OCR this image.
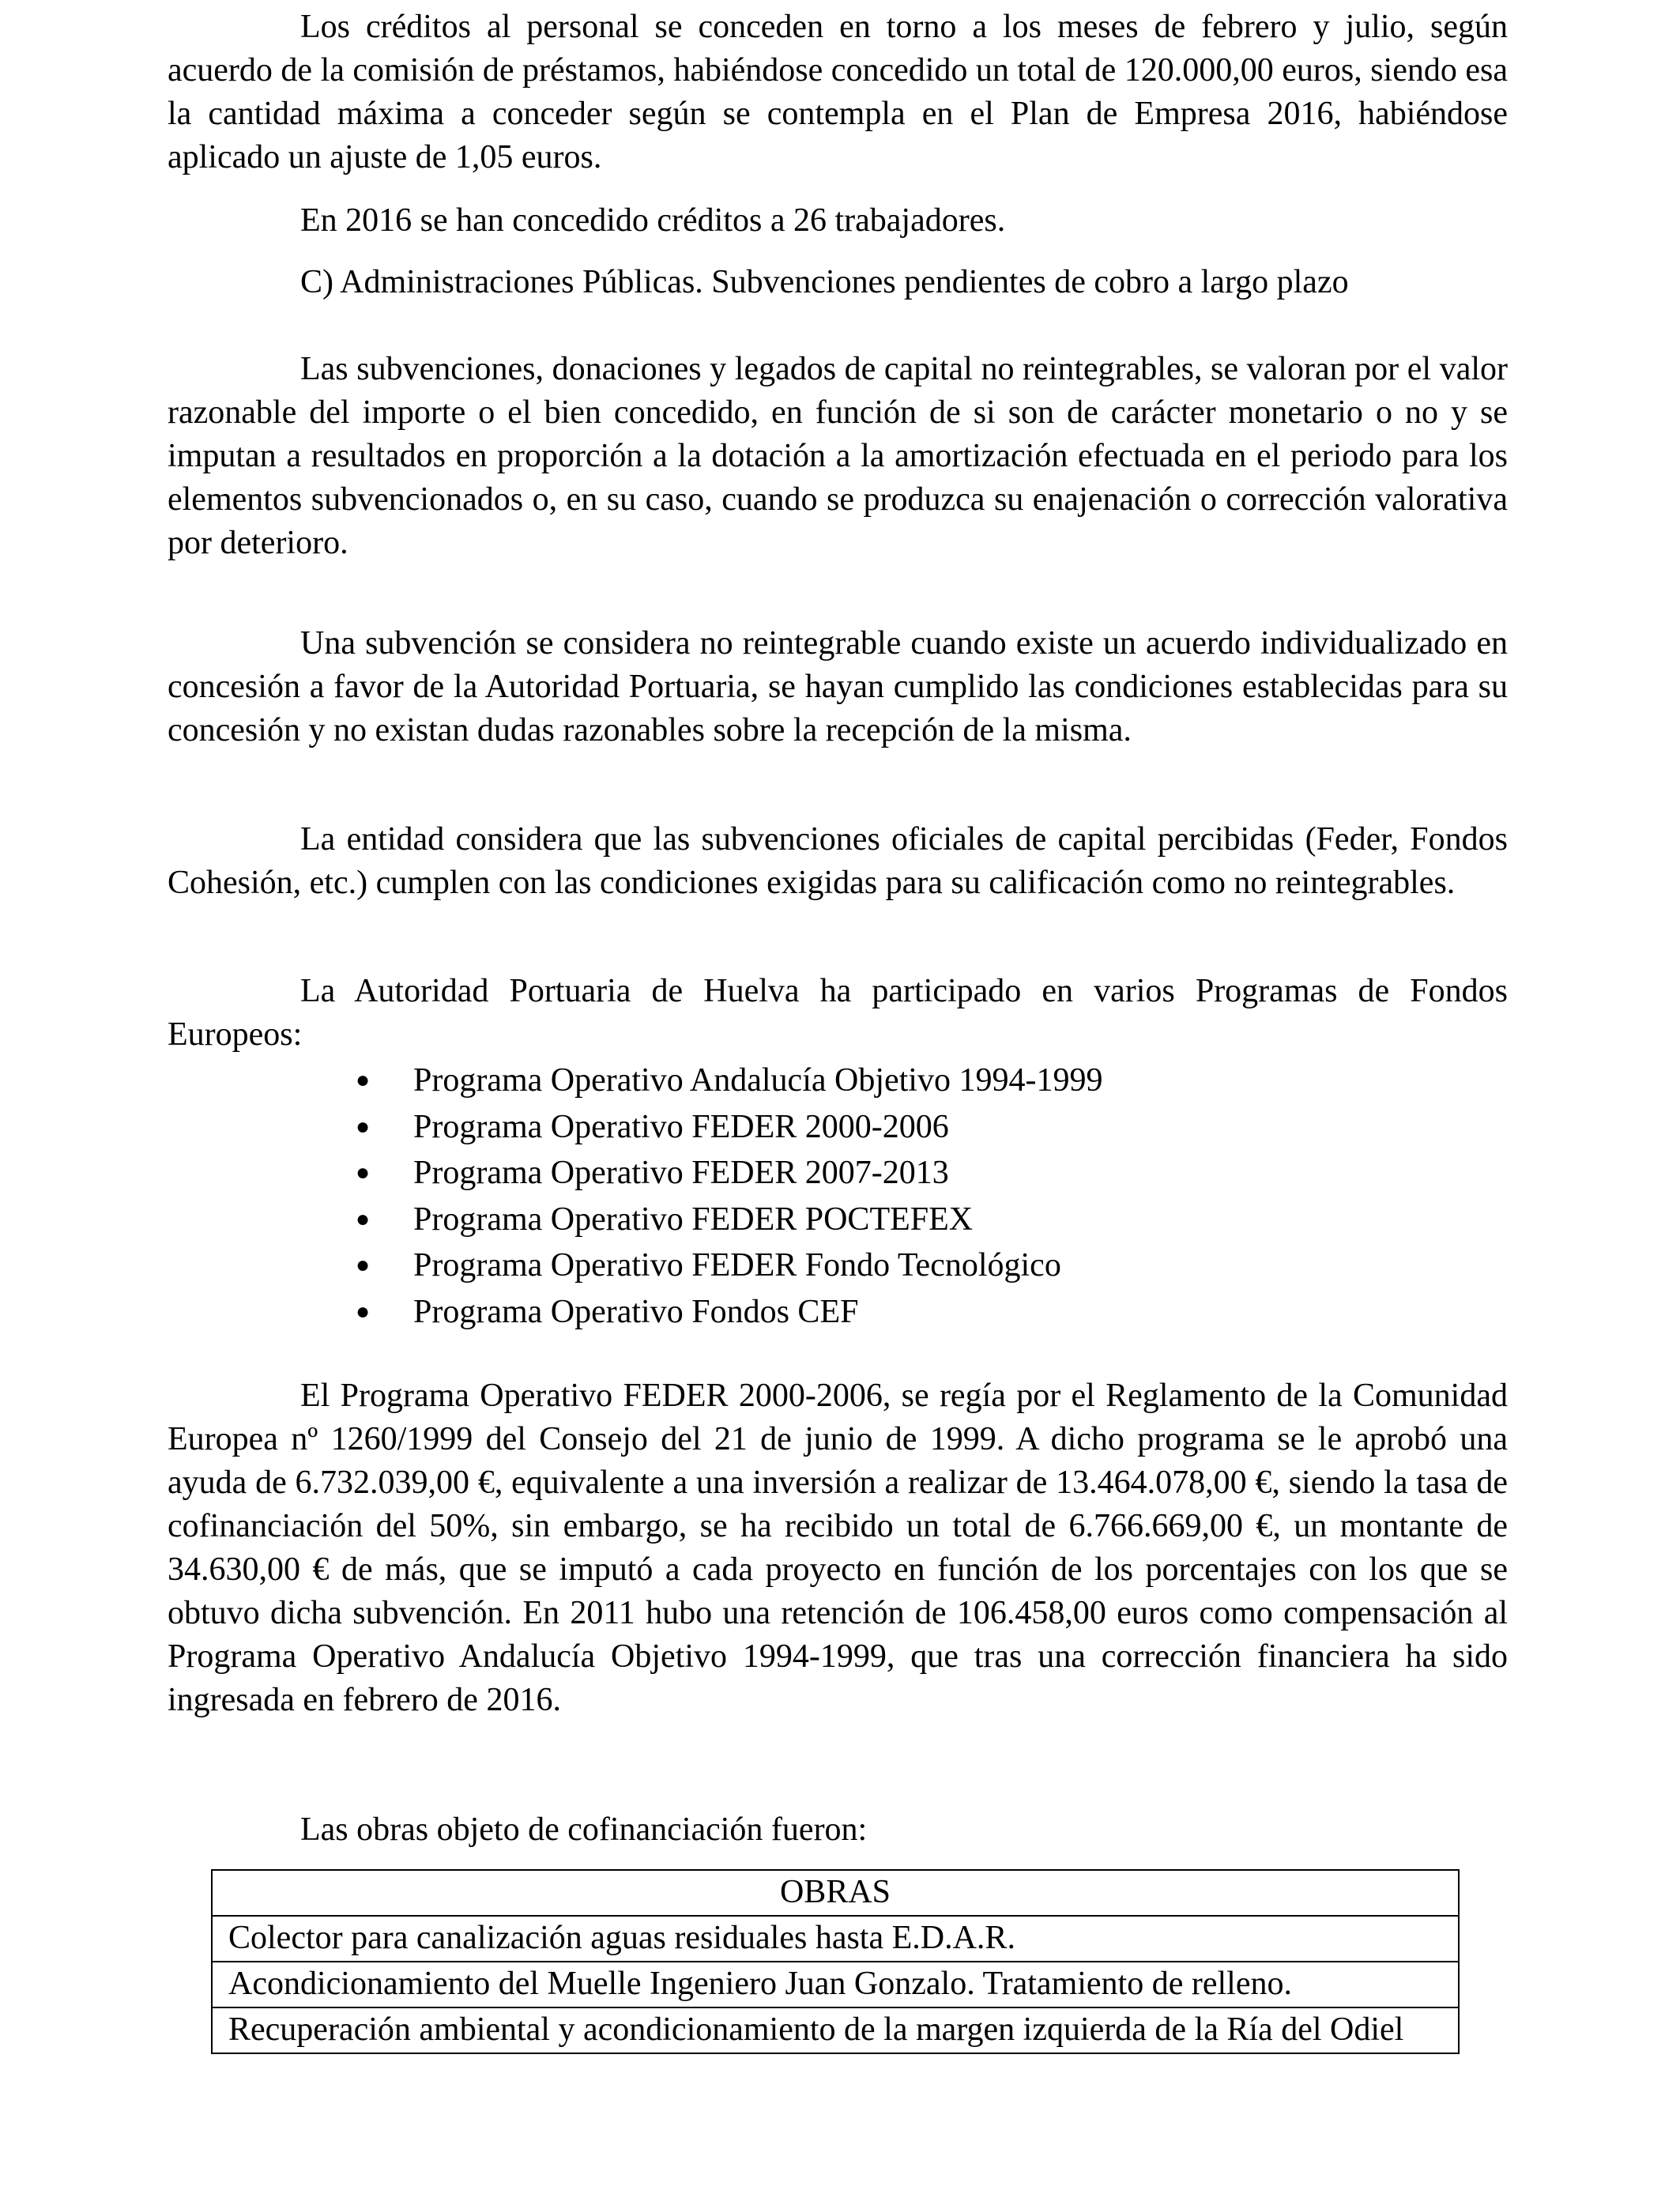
Los créditos al personal se conceden en torno a los meses de febrero y julio, según acuerdo de la comisión de préstamos, habiéndose concedido un total de 120.000,00 euros, siendo esa la cantidad máxima a conceder según se contempla en el Plan de Empresa 2016, habiéndose aplicado un ajuste de 1,05 euros.

En 2016 se han concedido créditos a 26 trabajadores.

C) Administraciones Públicas. Subvenciones pendientes de cobro a largo plazo

Las subvenciones, donaciones y legados de capital no reintegrables, se valoran por el valor razonable del importe o el bien concedido, en función de si son de carácter monetario o no y se imputan a resultados en proporción a la dotación a la amortización efectuada en el periodo para los elementos subvencionados o, en su caso, cuando se produzca su enajenación o corrección valorativa por deterioro.

Una subvención se considera no reintegrable cuando existe un acuerdo individualizado en concesión a favor de la Autoridad Portuaria, se hayan cumplido las condiciones establecidas para su concesión y no existan dudas razonables sobre la recepción de la misma.

La entidad considera que las subvenciones oficiales de capital percibidas (Feder, Fondos Cohesión, etc.) cumplen con las condiciones exigidas para su calificación como no reintegrables.

La Autoridad Portuaria de Huelva ha participado en varios Programas de Fondos Europeos:

● Programa Operativo Andalucía Objetivo 1994-1999
● Programa Operativo FEDER 2000-2006
● Programa Operativo FEDER 2007-2013
● Programa Operativo FEDER POCTEFEX
● Programa Operativo FEDER Fondo Tecnológico
● Programa Operativo Fondos CEF

El Programa Operativo FEDER 2000-2006, se regía por el Reglamento de la Comunidad Europea nº 1260/1999 del Consejo del 21 de junio de 1999. A dicho programa se le aprobó una ayuda de 6.732.039,00 €, equivalente a una inversión a realizar de 13.464.078,00 €, siendo la tasa de cofinanciación del 50%, sin embargo, se ha recibido un total de 6.766.669,00 €, un montante de 34.630,00 € de más, que se imputó a cada proyecto en función de los porcentajes con los que se obtuvo dicha subvención. En 2011 hubo una retención de 106.458,00 euros como compensación al Programa Operativo Andalucía Objetivo 1994-1999, que tras una corrección financiera ha sido ingresada en febrero de 2016.

Las obras objeto de cofinanciación fueron:

OBRAS
Colector para canalización aguas residuales hasta E.D.A.R.
Acondicionamiento del Muelle Ingeniero Juan Gonzalo. Tratamiento de relleno.
Recuperación ambiental y acondicionamiento de la margen izquierda de la Ría del Odiel
